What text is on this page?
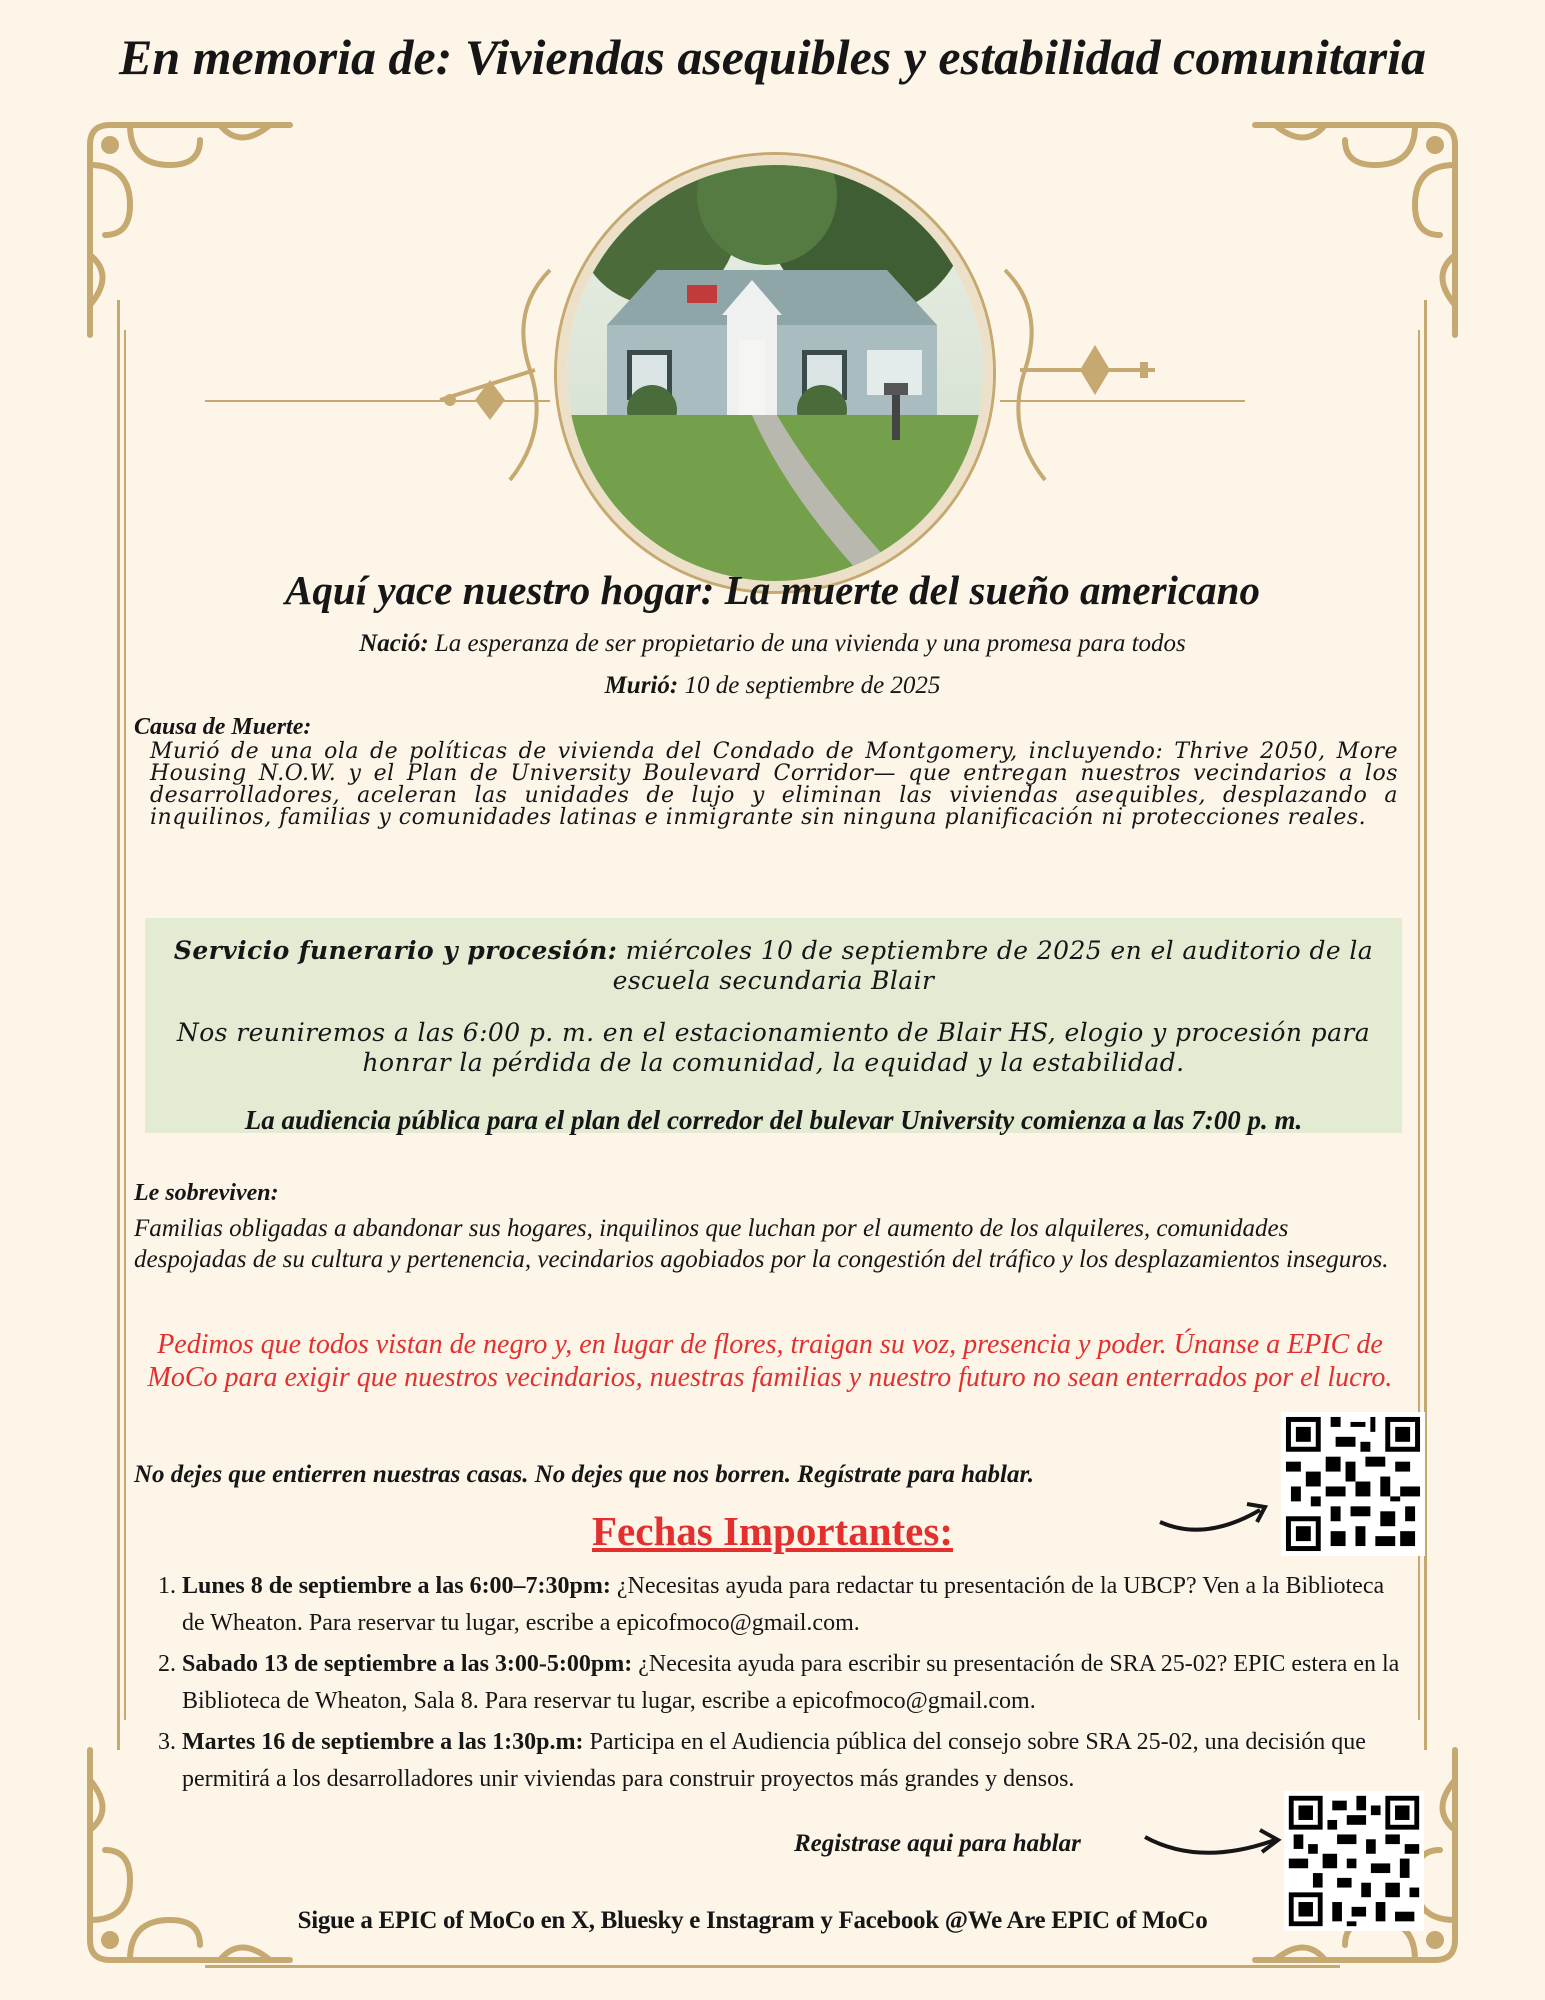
En memoria de: Viviendas asequibles y estabilidad comunitaria
Aquí yace nuestro hogar: La muerte del sueño americano
Nació: La esperanza de ser propietario de una vivienda y una promesa para todos
Murió: 10 de septiembre de 2025
Causa de Muerte:
Murió de una ola de políticas de vivienda del Condado de Montgomery, incluyendo: Thrive 2050, More Housing N.O.W. y el Plan de University Boulevard Corridor— que entregan nuestros vecindarios a los desarrolladores, aceleran las unidades de lujo y eliminan las viviendas asequibles, desplazando a inquilinos, familias y comunidades latinas e inmigrante sin ninguna planificación ni protecciones reales.
Servicio funerario y procesión: miércoles 10 de septiembre de 2025 en el auditorio de la escuela secundaria Blair
Nos reuniremos a las 6:00 p. m. en el estacionamiento de Blair HS, elogio y procesión para honrar la pérdida de la comunidad, la equidad y la estabilidad.
La audiencia pública para el plan del corredor del bulevar University comienza a las 7:00 p. m.
Le sobreviven:
Familias obligadas a abandonar sus hogares, inquilinos que luchan por el aumento de los alquileres, comunidades despojadas de su cultura y pertenencia, vecindarios agobiados por la congestión del tráfico y los desplazamientos inseguros.
Pedimos que todos vistan de negro y, en lugar de flores, traigan su voz, presencia y poder. Únanse a EPIC de MoCo para exigir que nuestros vecindarios, nuestras familias y nuestro futuro no sean enterrados por el lucro.
No dejes que entierren nuestras casas. No dejes que nos borren. Regístrate para hablar.
Fechas Importantes:
1. Lunes 8 de septiembre a las 6:00–7:30pm: ¿Necesitas ayuda para redactar tu presentación de la UBCP? Ven a la Biblioteca de Wheaton. Para reservar tu lugar, escribe a epicofmoco@gmail.com.
2. Sabado 13 de septiembre a las 3:00-5:00pm: ¿Necesita ayuda para escribir su presentación de SRA 25-02? EPIC estera en la Biblioteca de Wheaton, Sala 8. Para reservar tu lugar, escribe a epicofmoco@gmail.com.
3. Martes 16 de septiembre a las 1:30p.m: Participa en el Audiencia pública del consejo sobre SRA 25-02, una decisión que permitirá a los desarrolladores unir viviendas para construir proyectos más grandes y densos.
Registrase aqui para hablar
Sigue a EPIC of MoCo en X, Bluesky e Instagram y Facebook @We Are EPIC of MoCo
